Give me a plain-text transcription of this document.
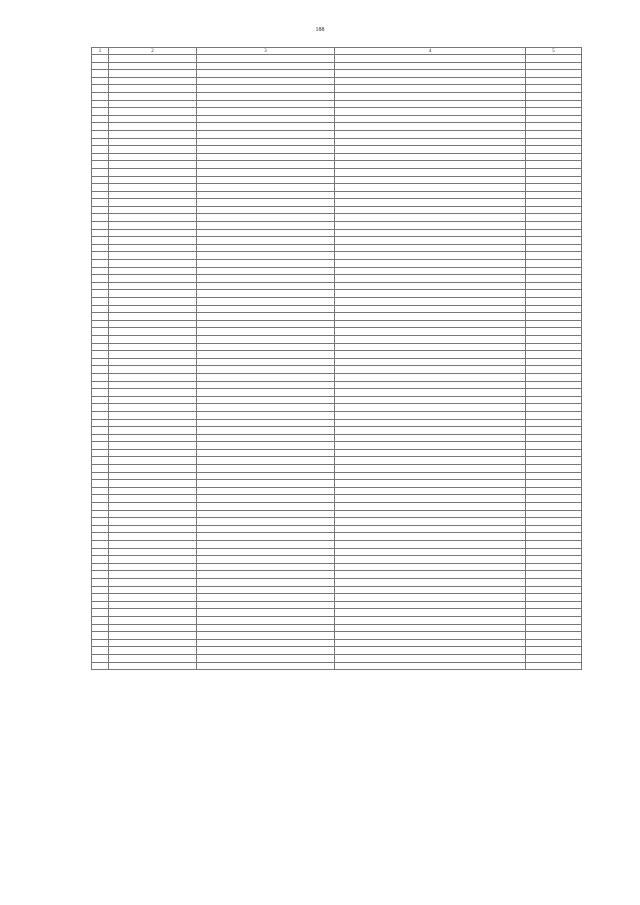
188
1	2	3	4	5
